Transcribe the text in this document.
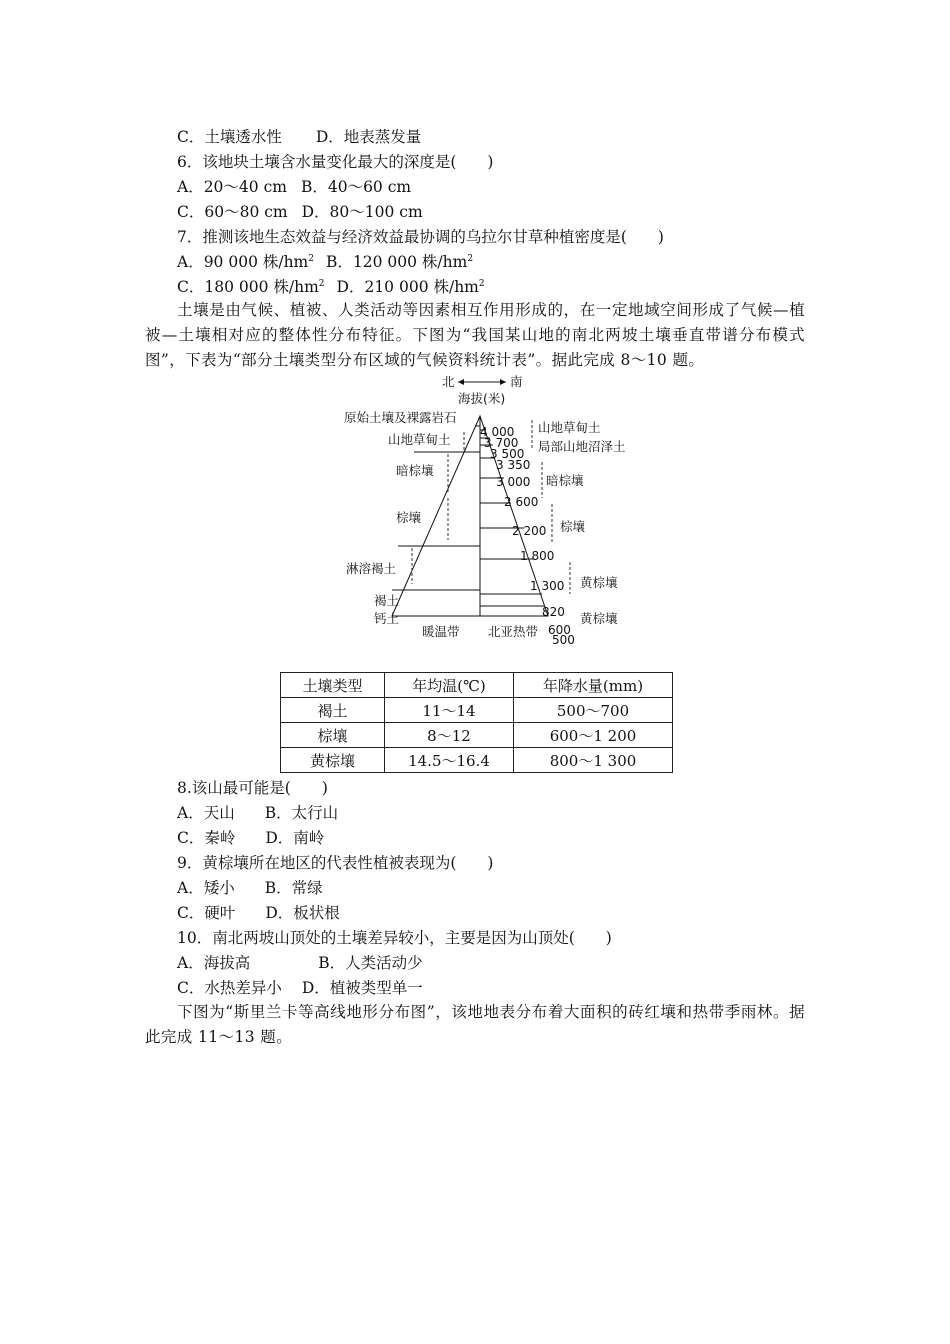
C．土壤透水性 D．地表蒸发量
6．该地块土壤含水量变化最大的深度是(　　)
A．20～40 cm B．40～60 cm
C．60～80 cm D．80～100 cm
7．推测该地生态效益与经济效益最协调的乌拉尔甘草种植密度是(　　)
A．90 000 株$/hm^2$ B．120 000 株$/hm^2$
C．180 000 株$/hm^2$ D．210 000 株$/hm^2$
土壤是由气候、植被、人类活动等因素相互作用形成的，在一定地域空间形成了气候—植被—土壤相对应的整体性分布特征。下图为“我国某山地的南北两坡土壤垂直带谱分布模式图”，下表为“部分土壤类型分布区域的气候资料统计表”。据此完成 8～10 题。
北	南
海拔(米)
原始土壤及裸露岩石
山地草甸土
暗棕壤
棕壤
淋溶褐土
褐土
钙土
山地草甸土
局部山地沼泽土
暗棕壤
棕壤
黄棕壤
黄棕壤
4 000
3 700
3 500
3 350
3 000
2 600
2 200
1 800
1 300
820
600
500
暖温带 北亚热带
土壤类型	年均温(℃)	年降水量(mm)
褐土	11～14	500～700
棕壤	8～12	600～1 200
黄棕壤	14.5～16.4	800～1 300
8.该山最可能是(　　)
A．天山 B．太行山
C．秦岭 D．南岭
9．黄棕壤所在地区的代表性植被表现为(　　)
A．矮小 B．常绿
C．硬叶 D．板状根
10．南北两坡山顶处的土壤差异较小，主要是因为山顶处(　　)
A．海拔高	B．人类活动少
C．水热差异小 D．植被类型单一
下图为“斯里兰卡等高线地形分布图”，该地地表分布着大面积的砖红壤和热带季雨林。据此完成 11～13 题。
